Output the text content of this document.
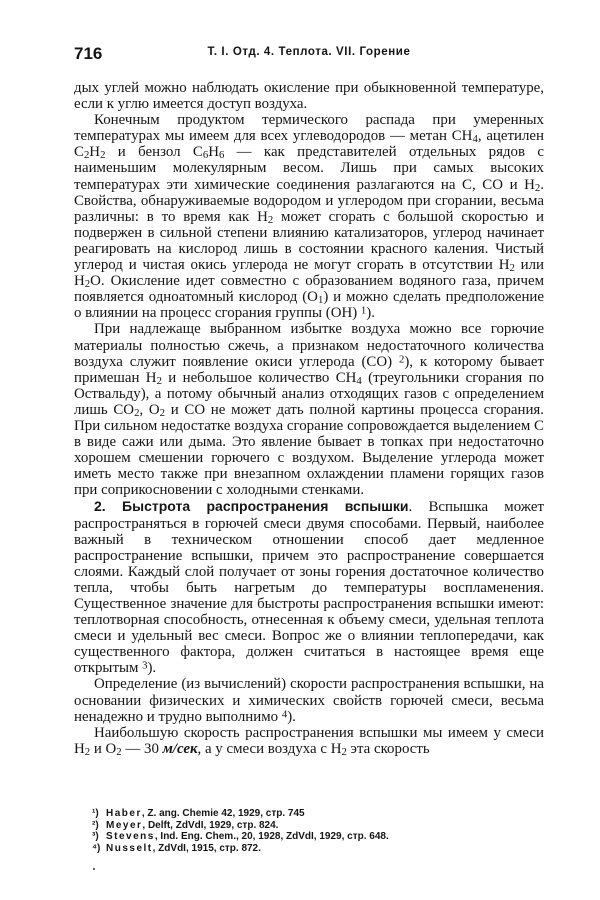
716	Т. I. Отд. 4. Теплота. VII. Горение

дых углей можно наблюдать окисление при обыкновенной температуре, если к углю имеется доступ воздуха.

Конечным продуктом термического распада при умеренных температурах мы имеем для всех углеводородов — метан $CH_4$, ацетилен $C_2H_2$ и бензол $C_6H_6$ — как представителей отдельных рядов с наименьшим молекулярным весом. Лишь при самых высоких температурах эти химические соединения разлагаются на C, CO и $H_2$. Свойства, обнаруживаемые водородом и углеродом при сгорании, весьма различны: в то время как $H_2$ может сгорать с большой скоростью и подвержен в сильной степени влиянию катализаторов, углерод начинает реагировать на кислород лишь в состоянии красного каления. Чистый углерод и чистая окись углерода не могут сгорать в отсутствии $H_2$ или $H_2O$. Окисление идет совместно с образованием водяного газа, причем появляется одноатомный кислород $(O_1)$ и можно сделать предположение о влиянии на процесс сгорания группы (OH) $^1$).

При надлежаще выбранном избытке воздуха можно все горючие материалы полностью сжечь, а признаком недостаточного количества воздуха служит появление окиси углерода (CO) $^2$), к которому бывает примешан $H_2$ и небольшое количество $CH_4$ (треугольники сгорания по Оствальду), а потому обычный анализ отходящих газов с определением лишь $CO_2$, $O_2$ и CO не может дать полной картины процесса сгорания. При сильном недостатке воздуха сгорание сопровождается выделением C в виде сажи или дыма. Это явление бывает в топках при недостаточно хорошем смешении горючего с воздухом. Выделение углерода может иметь место также при внезапном охлаждении пламени горящих газов при соприкосновении с холодными стенками.

2. Быстрота распространения вспышки. Вспышка может распространяться в горючей смеси двумя способами. Первый, наиболее важный в техническом отношении способ дает медленное распространение вспышки, причем это распространение совершается слоями. Каждый слой получает от зоны горения достаточное количество тепла, чтобы быть нагретым до температуры воспламенения. Существенное значение для быстроты распространения вспышки имеют: теплотворная способность, отнесенная к объему смеси, удельная теплота смеси и удельный вес смеси. Вопрос же о влиянии теплопередачи, как существенного фактора, должен считаться в настоящее время еще открытым $^3$).

Определение (из вычислений) скорости распространения вспышки, на основании физических и химических свойств горючей смеси, весьма ненадежно и трудно выполнимо $^4$).

Наибольшую скорость распространения вспышки мы имеем у смеси $H_2$ и $O_2$ — 30 м/сек, а у смеси воздуха с $H_2$ эта скорость

¹) Haber, Z. ang. Chemie 42, 1929, стр. 745
²) Meyer, Delft, ZdVdI, 1929, стр. 824.
³) Stevens, Ind. Eng. Chem., 20, 1928, ZdVdI, 1929, стр. 648.
⁴) Nusselt, ZdVdI, 1915, стр. 872.
